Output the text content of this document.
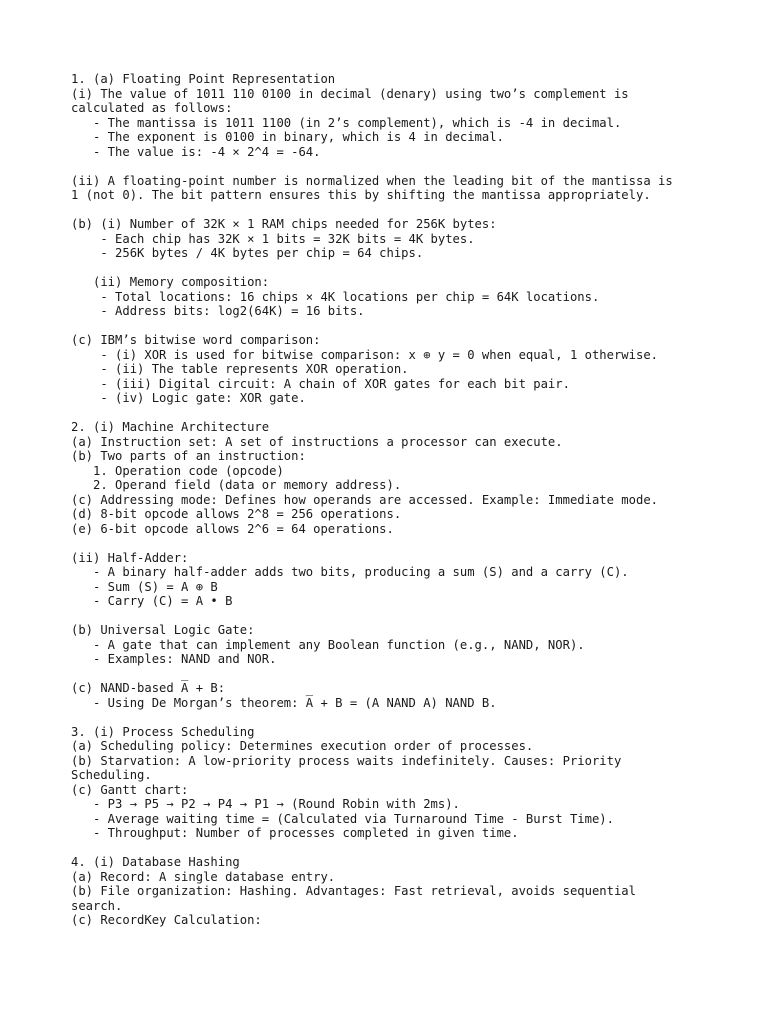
1. (a) Floating Point Representation
(i) The value of 1011 110 0100 in decimal (denary) using two’s complement is
calculated as follows:
- The mantissa is 1011 1100 (in 2’s complement), which is -4 in decimal.
- The exponent is 0100 in binary, which is 4 in decimal.
- The value is: -4 × 2^4 = -64.
(ii) A floating-point number is normalized when the leading bit of the mantissa is
1 (not 0). The bit pattern ensures this by shifting the mantissa appropriately.
(b) (i) Number of 32K × 1 RAM chips needed for 256K bytes:
- Each chip has 32K × 1 bits = 32K bits = 4K bytes.
- 256K bytes / 4K bytes per chip = 64 chips.
(ii) Memory composition:
- Total locations: 16 chips × 4K locations per chip = 64K locations.
- Address bits: log2(64K) = 16 bits.
(c) IBM’s bitwise word comparison:
- (i) XOR is used for bitwise comparison: x ⊕ y = 0 when equal, 1 otherwise.
- (ii) The table represents XOR operation.
- (iii) Digital circuit: A chain of XOR gates for each bit pair.
- (iv) Logic gate: XOR gate.
2. (i) Machine Architecture
(a) Instruction set: A set of instructions a processor can execute.
(b) Two parts of an instruction:
1. Operation code (opcode)
2. Operand field (data or memory address).
(c) Addressing mode: Defines how operands are accessed. Example: Immediate mode.
(d) 8-bit opcode allows 2^8 = 256 operations.
(e) 6-bit opcode allows 2^6 = 64 operations.
(ii) Half-Adder:
- A binary half-adder adds two bits, producing a sum (S) and a carry (C).
- Sum (S) = A ⊕ B
- Carry (C) = A • B
(b) Universal Logic Gate:
- A gate that can implement any Boolean function (e.g., NAND, NOR).
- Examples: NAND and NOR.
(c) NAND-based A̅ + B:
- Using De Morgan’s theorem: A̅ + B = (A NAND A) NAND B.
3. (i) Process Scheduling
(a) Scheduling policy: Determines execution order of processes.
(b) Starvation: A low-priority process waits indefinitely. Causes: Priority
Scheduling.
(c) Gantt chart:
- P3 → P5 → P2 → P4 → P1 → (Round Robin with 2ms).
- Average waiting time = (Calculated via Turnaround Time - Burst Time).
- Throughput: Number of processes completed in given time.
4. (i) Database Hashing
(a) Record: A single database entry.
(b) File organization: Hashing. Advantages: Fast retrieval, avoids sequential
search.
(c) RecordKey Calculation:
